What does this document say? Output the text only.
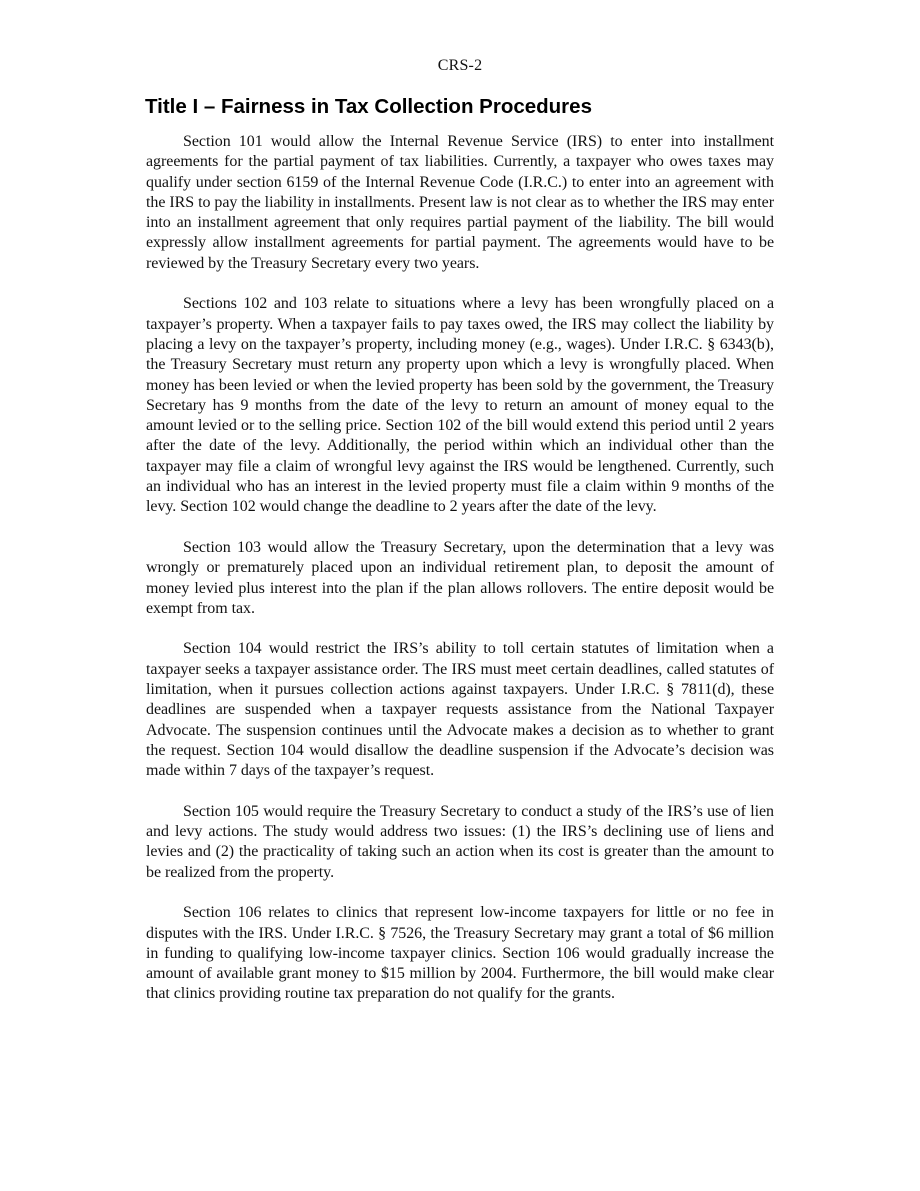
CRS-2
Title I – Fairness in Tax Collection Procedures

Section 101 would allow the Internal Revenue Service (IRS) to enter into installment agreements for the partial payment of tax liabilities. Currently, a taxpayer who owes taxes may qualify under section 6159 of the Internal Revenue Code (I.R.C.) to enter into an agreement with the IRS to pay the liability in installments. Present law is not clear as to whether the IRS may enter into an installment agreement that only requires partial payment of the liability. The bill would expressly allow installment agreements for partial payment. The agreements would have to be reviewed by the Treasury Secretary every two years.

Sections 102 and 103 relate to situations where a levy has been wrongfully placed on a taxpayer’s property. When a taxpayer fails to pay taxes owed, the IRS may collect the liability by placing a levy on the taxpayer’s property, including money (e.g., wages). Under I.R.C. § 6343(b), the Treasury Secretary must return any property upon which a levy is wrongfully placed. When money has been levied or when the levied property has been sold by the government, the Treasury Secretary has 9 months from the date of the levy to return an amount of money equal to the amount levied or to the selling price. Section 102 of the bill would extend this period until 2 years after the date of the levy. Additionally, the period within which an individual other than the taxpayer may file a claim of wrongful levy against the IRS would be lengthened. Currently, such an individual who has an interest in the levied property must file a claim within 9 months of the levy. Section 102 would change the deadline to 2 years after the date of the levy.

Section 103 would allow the Treasury Secretary, upon the determination that a levy was wrongly or prematurely placed upon an individual retirement plan, to deposit the amount of money levied plus interest into the plan if the plan allows rollovers. The entire deposit would be exempt from tax.

Section 104 would restrict the IRS’s ability to toll certain statutes of limitation when a taxpayer seeks a taxpayer assistance order. The IRS must meet certain deadlines, called statutes of limitation, when it pursues collection actions against taxpayers. Under I.R.C. § 7811(d), these deadlines are suspended when a taxpayer requests assistance from the National Taxpayer Advocate. The suspension continues until the Advocate makes a decision as to whether to grant the request. Section 104 would disallow the deadline suspension if the Advocate’s decision was made within 7 days of the taxpayer’s request.

Section 105 would require the Treasury Secretary to conduct a study of the IRS’s use of lien and levy actions. The study would address two issues: (1) the IRS’s declining use of liens and levies and (2) the practicality of taking such an action when its cost is greater than the amount to be realized from the property.

Section 106 relates to clinics that represent low-income taxpayers for little or no fee in disputes with the IRS. Under I.R.C. § 7526, the Treasury Secretary may grant a total of $6 million in funding to qualifying low-income taxpayer clinics. Section 106 would gradually increase the amount of available grant money to $15 million by 2004. Furthermore, the bill would make clear that clinics providing routine tax preparation do not qualify for the grants.
